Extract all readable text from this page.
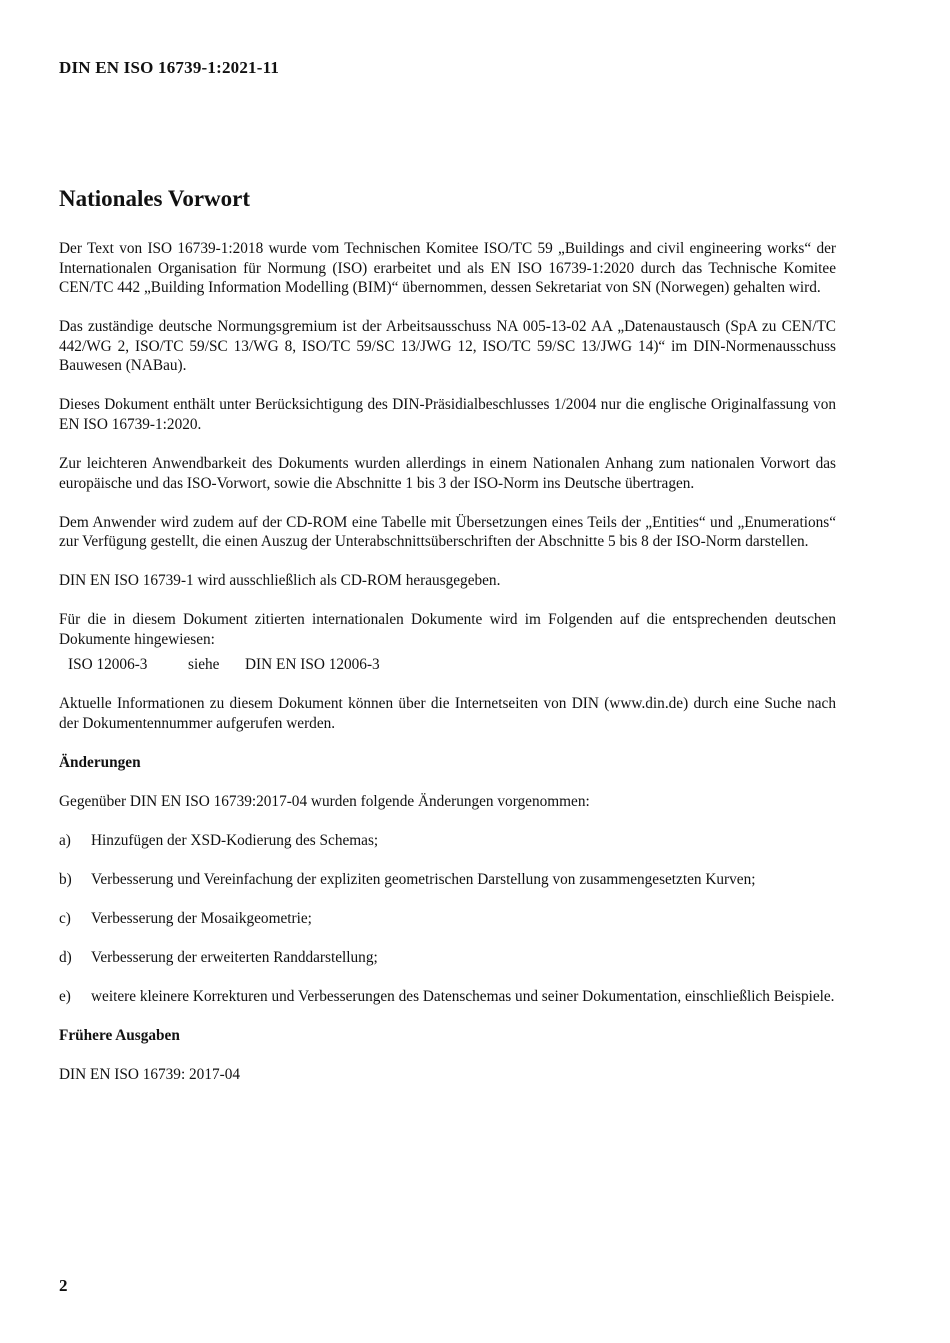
DIN EN ISO 16739-1:2021-11
Nationales Vorwort

Der Text von ISO 16739-1:2018 wurde vom Technischen Komitee ISO/TC 59 „Buildings and civil engineering works“ der Internationalen Organisation für Normung (ISO) erarbeitet und als EN ISO 16739-1:2020 durch das Technische Komitee CEN/TC 442 „Building Information Modelling (BIM)“ übernommen, dessen Sekretariat von SN (Norwegen) gehalten wird.

Das zuständige deutsche Normungsgremium ist der Arbeitsausschuss NA 005-13-02 AA „Datenaustausch (SpA zu CEN/TC 442/WG 2, ISO/TC 59/SC 13/WG 8, ISO/TC 59/SC 13/JWG 12, ISO/TC 59/SC 13/JWG 14)“ im DIN-Normenausschuss Bauwesen (NABau).

Dieses Dokument enthält unter Berücksichtigung des DIN-Präsidialbeschlusses 1/2004 nur die englische Originalfassung von EN ISO 16739-1:2020.

Zur leichteren Anwendbarkeit des Dokuments wurden allerdings in einem Nationalen Anhang zum nationalen Vorwort das europäische und das ISO-Vorwort, sowie die Abschnitte 1 bis 3 der ISO-Norm ins Deutsche übertragen.

Dem Anwender wird zudem auf der CD-ROM eine Tabelle mit Übersetzungen eines Teils der „Entities“ und „Enumerations“ zur Verfügung gestellt, die einen Auszug der Unterabschnittsüberschriften der Abschnitte 5 bis 8 der ISO-Norm darstellen.

DIN EN ISO 16739-1 wird ausschließlich als CD-ROM herausgegeben.

Für die in diesem Dokument zitierten internationalen Dokumente wird im Folgenden auf die entsprechenden deutschen Dokumente hingewiesen:

ISO 12006-3	siehe	DIN EN ISO 12006-3

Aktuelle Informationen zu diesem Dokument können über die Internetseiten von DIN (www.din.de) durch eine Suche nach der Dokumentennummer aufgerufen werden.

Änderungen

Gegenüber DIN EN ISO 16739:2017-04 wurden folgende Änderungen vorgenommen:

a)	Hinzufügen der XSD-Kodierung des Schemas;
b)	Verbesserung und Vereinfachung der expliziten geometrischen Darstellung von zusammengesetzten Kurven;
c)	Verbesserung der Mosaikgeometrie;
d)	Verbesserung der erweiterten Randdarstellung;
e)	weitere kleinere Korrekturen und Verbesserungen des Datenschemas und seiner Dokumentation, einschließlich Beispiele.
Frühere Ausgaben

DIN EN ISO 16739: 2017-04

2
